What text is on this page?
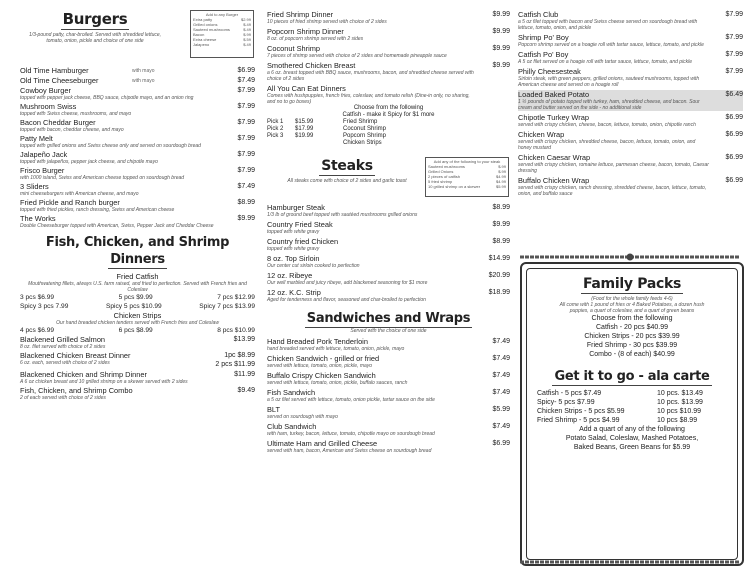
Burgers
1/3-pound patty, char-broiled. Served with shredded lettuce, tomato, onion, pickle and choice of one side
Add to any Burger
Extra patty	$2.99
Grilled onions	$.49
Sauteed mushrooms	$.49
Bacon	$.99
Extra cheese	$.59
Jalapeno	$.49
Old Time Hamburger	with mayo	$6.99
Old Time Cheeseburger	with mayo	$7.49
Cowboy Burger	$7.99
topped with pepper jack cheese, BBQ sauce, chipotle mayo, and an onion ring
Mushroom Swiss	$7.99
topped with Swiss cheese, mushrooms, and mayo
Bacon Cheddar Burger	$7.99
topped with bacon, cheddar cheese, and mayo
Patty Melt	$7.99
topped with grilled onions and Swiss cheese only and served on sourdough bread
Jalapeño Jack	$7.99
topped with jalapeños, pepper jack cheese, and chipotle mayo
Frisco Burger	$7.99
with 1000 island, Swiss and American cheese topped on sourdough bread
3 Sliders	$7.49
mini cheeseburgers with American cheese, and mayo
Fried Pickle and Ranch burger	$8.99
topped with fried pickles, ranch dressing, Swiss and American cheese
The Works	$9.99
Double Cheeseburger topped with American, Swiss, Pepper Jack and Cheddar Cheese
Fish, Chicken, and Shrimp
Dinners
Fried Catfish
Mouthwatering fillets, always U.S. farm raised, and fried to perfection. Served with French fries and Coleslaw
3 pcs $6.99	5 pcs $9.99	7 pcs $12.99
Spicy 3 pcs 7.99	Spicy 5 pcs $10.99	Spicy 7 pcs $13.99
Chicken Strips
Our hand breaded chicken tenders served with French fries and Coleslaw
4 pcs $6.99	6 pcs $8.99	8 pcs $10.99
Blackened Grilled Salmon	$13.99
8 oz. filet served with choice of 2 sides
Blackened Chicken Breast Dinner	1pc $8.99
2 pcs $11.99
6 oz. each, served with choice of 2 sides
Blackened Chicken and Shrimp Dinner	$11.99
A 6 oz chicken breast and 10 grilled shrimp on a skewer served with 2 sides
Fish, Chicken, and Shrimp Combo	$9.49
2 of each served with choice of 2 sides
Fried Shrimp Dinner	$9.99
10 pieces of fried shrimp served with choice of 2 sides
Popcorn Shrimp Dinner	$9.99
8 oz. of popcorn shrimp served with 2 sides
Coconut Shrimp	$9.99
7 pieces of shrimp served with choice of 2 sides and homemade pineapple sauce
Smothered Chicken Breast	$9.99
a 6 oz. breast topped with BBQ sauce, mushrooms, bacon, and shredded cheese served with choice of 2 sides
All You Can Eat Dinners
Comes with hushpuppies, french fries, coleslaw, and tomato relish (Dine-in only, no sharing, and no to go boxes)
Choose from the following
Catfish - make it Spicy for $1 more
Pick 1	$15.99	Fried Shrimp
Pick 2	$17.99	Coconut Shrimp
Pick 3	$19.99	Popcorn Shrimp
Chicken Strips
Steaks
All steaks come with choice of 2 sides and garlic toast
Add any of the following to your steak
Sauteed mushrooms	$.99
Grilled Onions	$.99
2 pieces of catfish	$4.99
5 fried shrimp	$4.99
10 grilled shrimp on a skewer	$5.99
Hamburger Steak	$8.99
1/3 lb of ground beef topped with sautéed mushrooms grilled onions
Country Fried Steak	$9.99
topped with white gravy
Country fried Chicken	$8.99
topped with white gravy
8 oz. Top Sirloin	$14.99
Our center cut sirloin cooked to perfection
12 oz. Ribeye	$20.99
Our well marbled and juicy ribeye, add blackened seasoning for $1 more
12 oz. K.C. Strip	$18.99
Aged for tenderness and flavor, seasoned and char-broiled to perfection
Sandwiches and Wraps
Served with the choice of one side
Hand Breaded Pork Tenderloin	$7.49
hand breaded served with lettuce, tomato, onion, pickle, mayo
Chicken Sandwich - grilled or fried	$7.49
served with lettuce, tomato, onion, pickle, mayo
Buffalo Crispy Chicken Sandwich	$7.49
served with lettuce, tomato, onion, pickle, buffalo sauces, ranch
Fish Sandwich	$7.49
a 5 oz filet served with lettuce, tomato, onion pickle, tartar sauce on the side
BLT	$5.99
served on sourdough with mayo
Club Sandwich	$7.49
with ham, turkey, bacon, lettuce, tomato, chipotle mayo on sourdough bread
Ultimate Ham and Grilled Cheese	$6.99
served with ham, bacon, American and Swiss cheese on sourdough bread
Catfish Club	$7.99
a 5 oz filet topped with bacon and Swiss cheese served on sourdough bread with lettuce, tomato, onion, and pickle
Shrimp Po' Boy	$7.99
Popcorn shrimp served on a hoagie roll with tartar sauce, lettuce, tomato, and pickle
Catfish Po' Boy	$7.99
A 5 oz filet served on a hoagie roll with tartar sauce, lettuce, tomato, and pickle
Philly Cheesesteak	$7.99
Sirloin steak, with green peppers, grilled onions, sauteed mushrooms, topped with American cheese and served on a hoagie roll
Loaded Baked Potato	$6.49
1 ½ pounds of potato topped with turkey, ham, shredded cheese, and bacon. Sour cream and butter served on the side - no additional side
Chipotle Turkey Wrap	$6.99
served with crispy chicken, cheese, bacon, lettuce, tomato, onion, chipotle ranch
Chicken Wrap	$6.99
served with crispy chicken, shredded cheese, bacon, lettuce, tomato, onion, and honey mustard
Chicken Caesar Wrap	$6.99
served with crispy chicken, romaine lettuce, parmesan cheese, bacon, tomato, Caesar dressing
Buffalo Chicken Wrap	$6.99
served with crispy chicken, ranch dressing, shredded cheese, bacon, lettuce, tomato, onion, and buffalo sauce
Family Packs
(Food for the whole family feeds 4-6)
All come with 1 pound of fries or 4 Baked Potatoes, a dozen hush puppies, a quart of coleslaw, and a quart of green beans
Choose from the following
Catfish - 20 pcs $40.99
Chicken Strips - 20 pcs $39.99
Fried Shrimp - 30 pcs $39.99
Combo - (8 of each) $40.99
Get it to go - ala carte
Catfish - 5 pcs $7.49	10 pcs. $13.49
Spicy- 5 pcs $7.99	10 pcs. $13.99
Chicken Strips - 5 pcs $5.99	10 pcs $10.99
Fried Shrimp - 5 pcs $4.99	10 pcs $8.99
Add a quart of any of the following
Potato Salad, Coleslaw, Mashed Potatoes,
Baked Beans, Green Beans for $5.99
